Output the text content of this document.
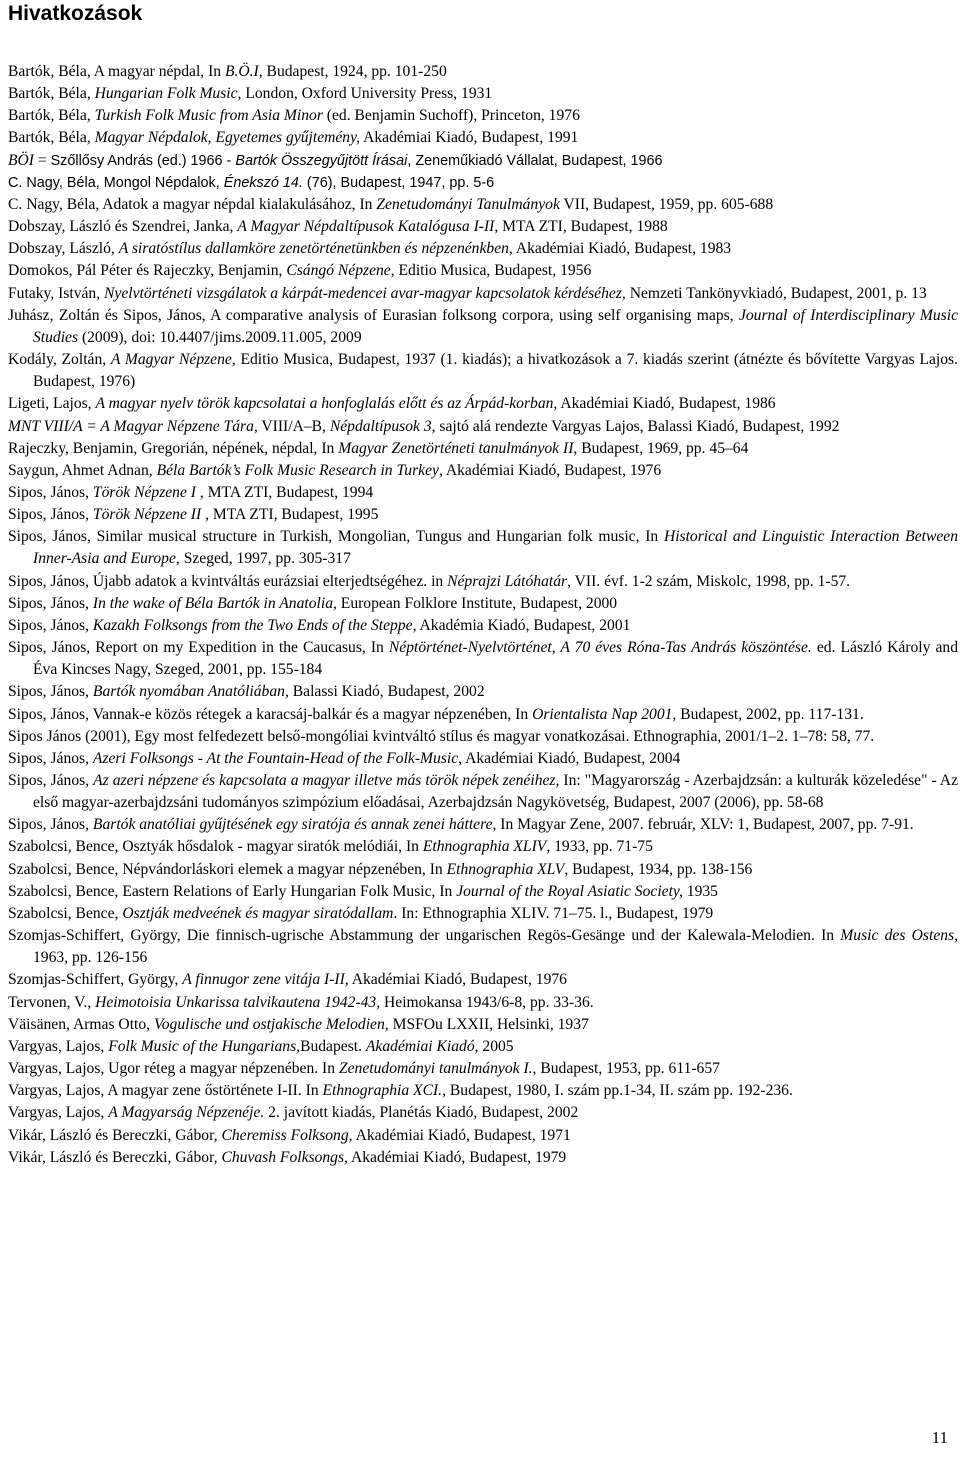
Hivatkozások

Bartók, Béla, A magyar népdal, In B.Ö.I, Budapest, 1924, pp. 101-250

Bartók, Béla, Hungarian Folk Music, London, Oxford University Press, 1931

Bartók, Béla, Turkish Folk Music from Asia Minor (ed. Benjamin Suchoff), Princeton, 1976

Bartók, Béla, Magyar Népdalok, Egyetemes gyűjtemény, Akadémiai Kiadó, Budapest, 1991

BÖI = Szőllősy András (ed.) 1966 - Bartók Összegyűjtött Írásai, Zeneműkiadó Vállalat, Budapest, 1966

C. Nagy, Béla, Mongol Népdalok, Énekszó 14. (76), Budapest, 1947, pp. 5-6

C. Nagy, Béla, Adatok a magyar népdal kialakulásához, In Zenetudományi Tanulmányok VII, Budapest, 1959, pp. 605-688

Dobszay, László és Szendrei, Janka, A Magyar Népdaltípusok Katalógusa I-II, MTA ZTI, Budapest, 1988

Dobszay, László, A siratóstílus dallamköre zenetörténetünkben és népzenénkben, Akadémiai Kiadó, Budapest, 1983

Domokos, Pál Péter és Rajeczky, Benjamin, Csángó Népzene, Editio Musica, Budapest, 1956

Futaky, István, Nyelvtörténeti vizsgálatok a kárpát-medencei avar-magyar kapcsolatok kérdéséhez, Nemzeti Tankönyvkiadó, Budapest, 2001, p. 13

Juhász, Zoltán és Sipos, János, A comparative analysis of Eurasian folksong corpora, using self organising maps, Journal of Interdisciplinary Music Studies (2009), doi: 10.4407/jims.2009.11.005, 2009

Kodály, Zoltán, A Magyar Népzene, Editio Musica, Budapest, 1937 (1. kiadás); a hivatkozások a 7. kiadás szerint (átnézte és bővítette Vargyas Lajos. Budapest, 1976)

Ligeti, Lajos, A magyar nyelv török kapcsolatai a honfoglalás előtt és az Árpád-korban, Akadémiai Kiadó, Budapest, 1986

MNT VIII/A = A Magyar Népzene Tára, VIII/A–B, Népdaltípusok 3, sajtó alá rendezte Vargyas Lajos, Balassi Kiadó, Budapest, 1992

Rajeczky, Benjamin, Gregorián, népének, népdal, In Magyar Zenetörténeti tanulmányok II, Budapest, 1969, pp. 45–64

Saygun, Ahmet Adnan, Béla Bartók’s Folk Music Research in Turkey, Akadémiai Kiadó, Budapest, 1976

Sipos, János, Török Népzene I , MTA ZTI, Budapest, 1994

Sipos, János, Török Népzene II , MTA ZTI, Budapest, 1995

Sipos, János, Similar musical structure in Turkish, Mongolian, Tungus and Hungarian folk music, In Historical and Linguistic Interaction Between Inner-Asia and Europe, Szeged, 1997, pp. 305-317

Sipos, János, Újabb adatok a kvintváltás eurázsiai elterjedtségéhez. in Néprajzi Látóhatár, VII. évf. 1-2 szám, Miskolc, 1998, pp. 1-57.

Sipos, János, In the wake of Béla Bartók in Anatolia, European Folklore Institute, Budapest, 2000

Sipos, János, Kazakh Folksongs from the Two Ends of the Steppe, Akadémia Kiadó, Budapest, 2001

Sipos, János, Report on my Expedition in the Caucasus, In Néptörténet-Nyelvtörténet, A 70 éves Róna-Tas András köszöntése. ed. László Károly and Éva Kincses Nagy, Szeged, 2001, pp. 155-184

Sipos, János, Bartók nyomában Anatóliában, Balassi Kiadó, Budapest, 2002

Sipos, János, Vannak-e közös rétegek a karacsáj-balkár és a magyar népzenében, In Orientalista Nap 2001, Budapest, 2002, pp. 117-131.

Sipos János (2001), Egy most felfedezett belső-mongóliai kvintváltó stílus és magyar vonatkozásai. Ethnographia, 2001/1–2. 1–78: 58, 77.

Sipos, János, Azeri Folksongs - At the Fountain-Head of the Folk-Music, Akadémiai Kiadó, Budapest, 2004

Sipos, János, Az azeri népzene és kapcsolata a magyar illetve más török népek zenéihez, In: "Magyarország - Azerbajdzsán: a kulturák közeledése" - Az első magyar-azerbajdzsáni tudományos szimpózium előadásai, Azerbajdzsán Nagykövetség, Budapest, 2007 (2006), pp. 58-68

Sipos, János, Bartók anatóliai gyűjtésének egy siratója és annak zenei háttere, In Magyar Zene, 2007. február, XLV: 1, Budapest, 2007, pp. 7-91.

Szabolcsi, Bence, Osztyák hősdalok - magyar siratók melódiái, In Ethnographia XLIV, 1933, pp. 71-75

Szabolcsi, Bence, Népvándorláskori elemek a magyar népzenében, In Ethnographia XLV, Budapest, 1934, pp. 138-156

Szabolcsi, Bence, Eastern Relations of Early Hungarian Folk Music, In Journal of the Royal Asiatic Society, 1935

Szabolcsi, Bence, Osztják medveének és magyar siratódallam. In: Ethnographia XLIV. 71–75. l., Budapest, 1979

Szomjas-Schiffert, György, Die finnisch-ugrische Abstammung der ungarischen Regös-Gesänge und der Kalewala-Melodien. In Music des Ostens, 1963, pp. 126-156

Szomjas-Schiffert, György, A finnugor zene vitája I-II, Akadémiai Kiadó, Budapest, 1976

Tervonen, V., Heimotoisia Unkarissa talvikautena 1942-43, Heimokansa 1943/6-8, pp. 33-36.

Väisänen, Armas Otto, Vogulische und ostjakische Melodien, MSFOu LXXII, Helsinki, 1937

Vargyas, Lajos, Folk Music of the Hungarians,Budapest. Akadémiai Kiadó, 2005

Vargyas, Lajos, Ugor réteg a magyar népzenében. In Zenetudományi tanulmányok I., Budapest, 1953, pp. 611-657

Vargyas, Lajos, A magyar zene őstörténete I-II. In Ethnographia XCI., Budapest, 1980, I. szám pp.1-34, II. szám pp. 192-236.

Vargyas, Lajos, A Magyarság Népzenéje. 2. javított kiadás, Planétás Kiadó, Budapest, 2002

Vikár, László és Bereczki, Gábor, Cheremiss Folksong, Akadémiai Kiadó, Budapest, 1971

Vikár, László és Bereczki, Gábor, Chuvash Folksongs, Akadémiai Kiadó, Budapest, 1979

11
